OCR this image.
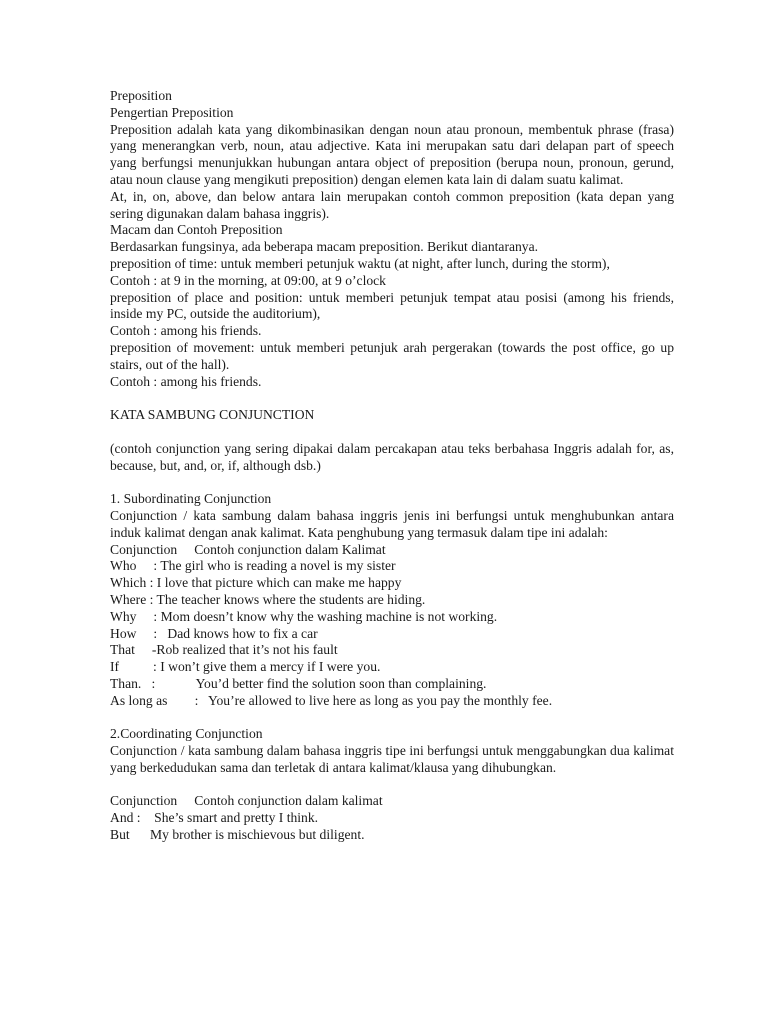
Preposition
Pengertian Preposition
Preposition adalah kata yang dikombinasikan dengan noun atau pronoun, membentuk phrase (frasa) yang menerangkan verb, noun, atau adjective. Kata ini merupakan satu dari delapan part of speech yang berfungsi menunjukkan hubungan antara object of preposition (berupa noun, pronoun, gerund, atau noun clause yang mengikuti preposition) dengan elemen kata lain di dalam suatu kalimat.
At, in, on, above, dan below antara lain merupakan contoh common preposition (kata depan yang sering digunakan dalam bahasa inggris).
Macam dan Contoh Preposition
Berdasarkan fungsinya, ada beberapa macam preposition. Berikut diantaranya.
preposition of time: untuk memberi petunjuk waktu (at night, after lunch, during the storm),
Contoh : at 9 in the morning, at 09:00, at 9 o’clock
preposition of place and position: untuk memberi petunjuk tempat atau posisi (among his friends, inside my PC, outside the auditorium),
Contoh : among his friends.
preposition of movement: untuk memberi petunjuk arah pergerakan (towards the post office, go up stairs, out of the hall).
Contoh : among his friends.
KATA SAMBUNG CONJUNCTION
(contoh conjunction yang sering dipakai dalam percakapan atau teks berbahasa Inggris adalah for, as, because, but, and, or, if, although dsb.)
1. Subordinating Conjunction
Conjunction / kata sambung dalam bahasa inggris jenis ini berfungsi untuk menghubunkan antara induk kalimat dengan anak kalimat. Kata penghubung yang termasuk dalam tipe ini adalah:
Conjunction     Contoh conjunction dalam Kalimat
Who     : The girl who is reading a novel is my sister
Which : I love that picture which can make me happy
Where : The teacher knows where the students are hiding.
Why     : Mom doesn’t know why the washing machine is not working.
How     :   Dad knows how to fix a car
That     -Rob realized that it’s not his fault
If          : I won’t give them a mercy if I were you.
Than.   :            You’d better find the solution soon than complaining.
As long as        :   You’re allowed to live here as long as you pay the monthly fee.
2.Coordinating Conjunction
Conjunction / kata sambung dalam bahasa inggris tipe ini berfungsi untuk menggabungkan dua kalimat yang berkedudukan sama dan terletak di antara kalimat/klausa yang dihubungkan.
Conjunction     Contoh conjunction dalam kalimat
And :    She’s smart and pretty I think.
But      My brother is mischievous but diligent.
